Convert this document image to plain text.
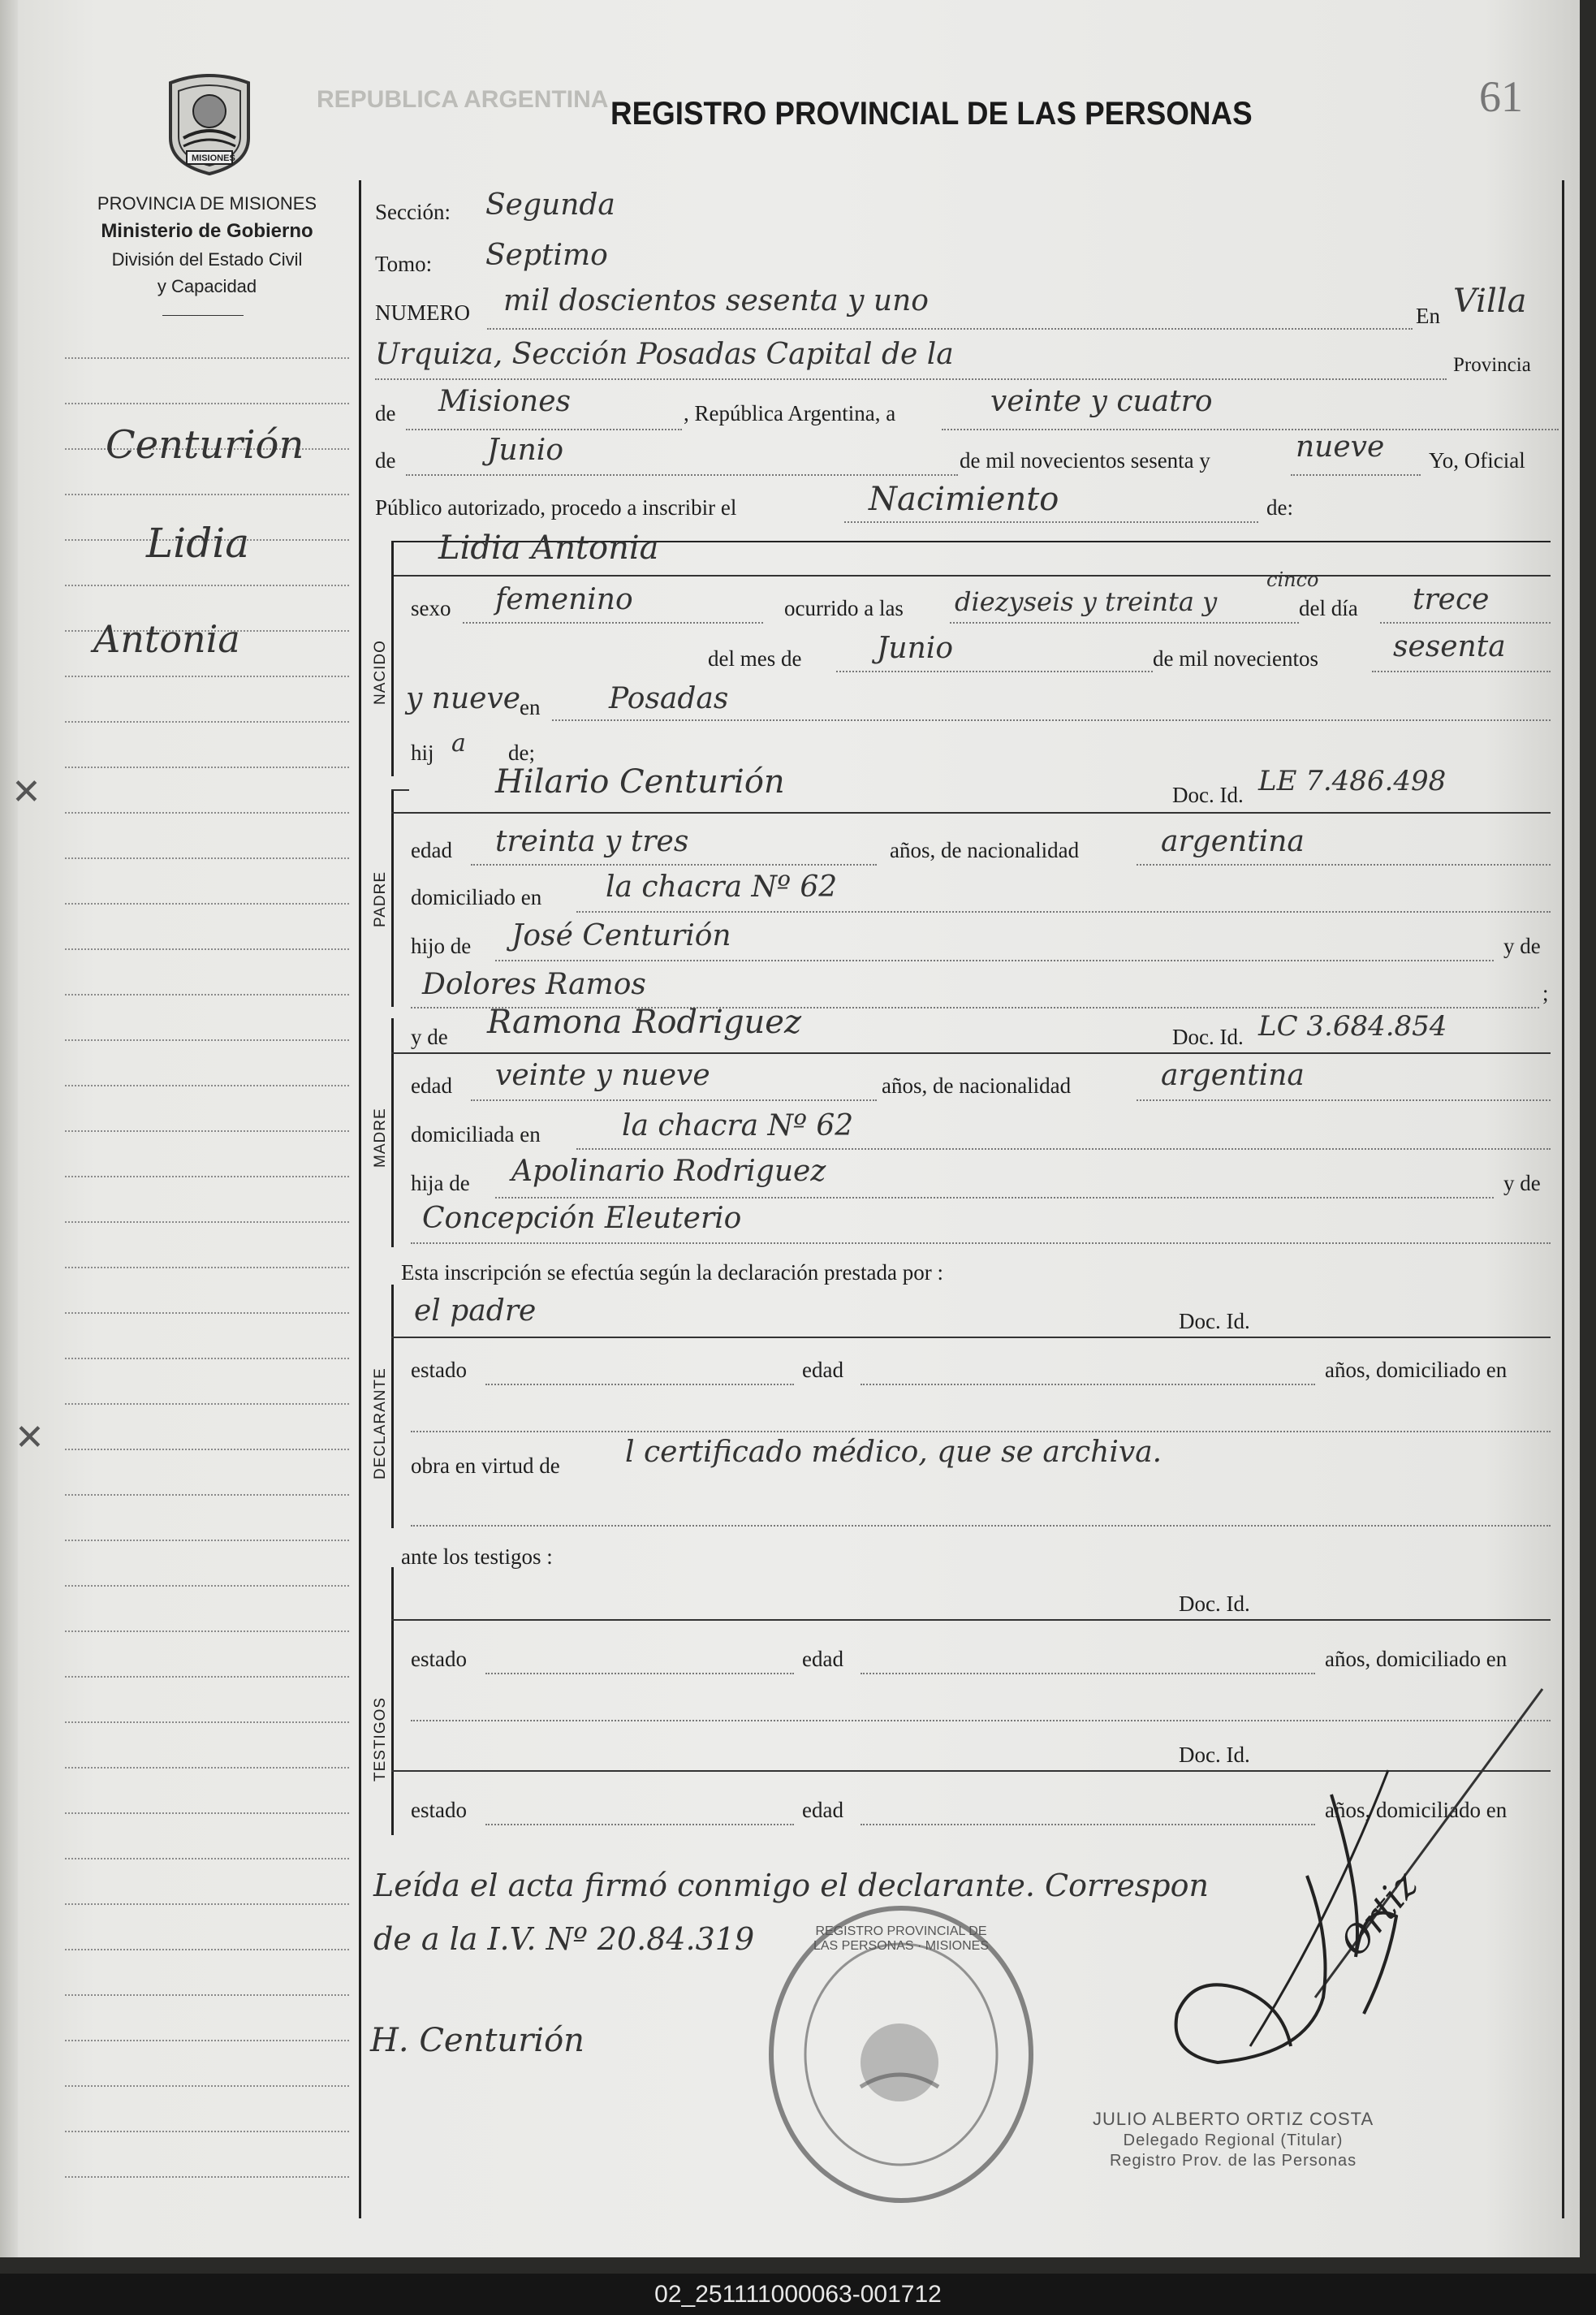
✕
✕
REPUBLICA ARGENTINA REGISTRO PROVINCIAL DE LAS PERSONAS	61
MISIONES
PROVINCIA DE MISIONES
Ministerio de Gobierno
División del Estado Civil
y Capacidad
Centurión
Lidia
Antonia
Sección: Segunda
Tomo: Septimo
NUMERO mil doscientos sesenta y uno	En Villa
Urquiza, Sección Posadas Capital de la	Provincia
de Misiones	, República Argentina, a	veinte y cuatro
de	Junio	de mil novecientos sesenta y	nueve Yo, Oficial
Público autorizado, procedo a inscribir el	Nacimiento	de:
Lidia Antonia
NACIDO
sexo femenino	ocurrido a las diezyseis y treinta y
cinco
del día trece
del mes de	Junio	de mil novecientos	sesenta
y nueve
en Posadas
hij a de;
PADRE
Hilario Centurión	Doc. Id. LE 7.486.498
edad treinta y tres	años, de nacionalidad	argentina
domiciliado en la chacra Nº 62
hijo de José Centurión	y de
Dolores Ramos	;
MADRE
y de Ramona Rodriguez	Doc. Id. LC 3.684.854
edad veinte y nueve	años, de nacionalidad	argentina
domiciliada en	la chacra Nº 62
hija de Apolinario Rodriguez	y de
Concepción Eleuterio
Esta inscripción se efectúa según la declaración prestada por :
DECLARANTE
el padre	Doc. Id.
estado	edad	años, domiciliado en
obra en virtud de l certificado médico, que se archiva.
ante los testigos :
TESTIGOS
Doc. Id.
estado	edad	años, domiciliado en
Doc. Id.
estado	edad	años, domiciliado en
Leída el acta firmó conmigo el declarante. Correspon
de a la I.V. Nº 20.84.319
H. Centurión
REGISTRO PROVINCIAL DE LAS PERSONAS · MISIONES	Ortiz
JULIO ALBERTO ORTIZ COSTA
Delegado Regional (Titular)
Registro Prov. de las Personas
02_251111000063-001712
